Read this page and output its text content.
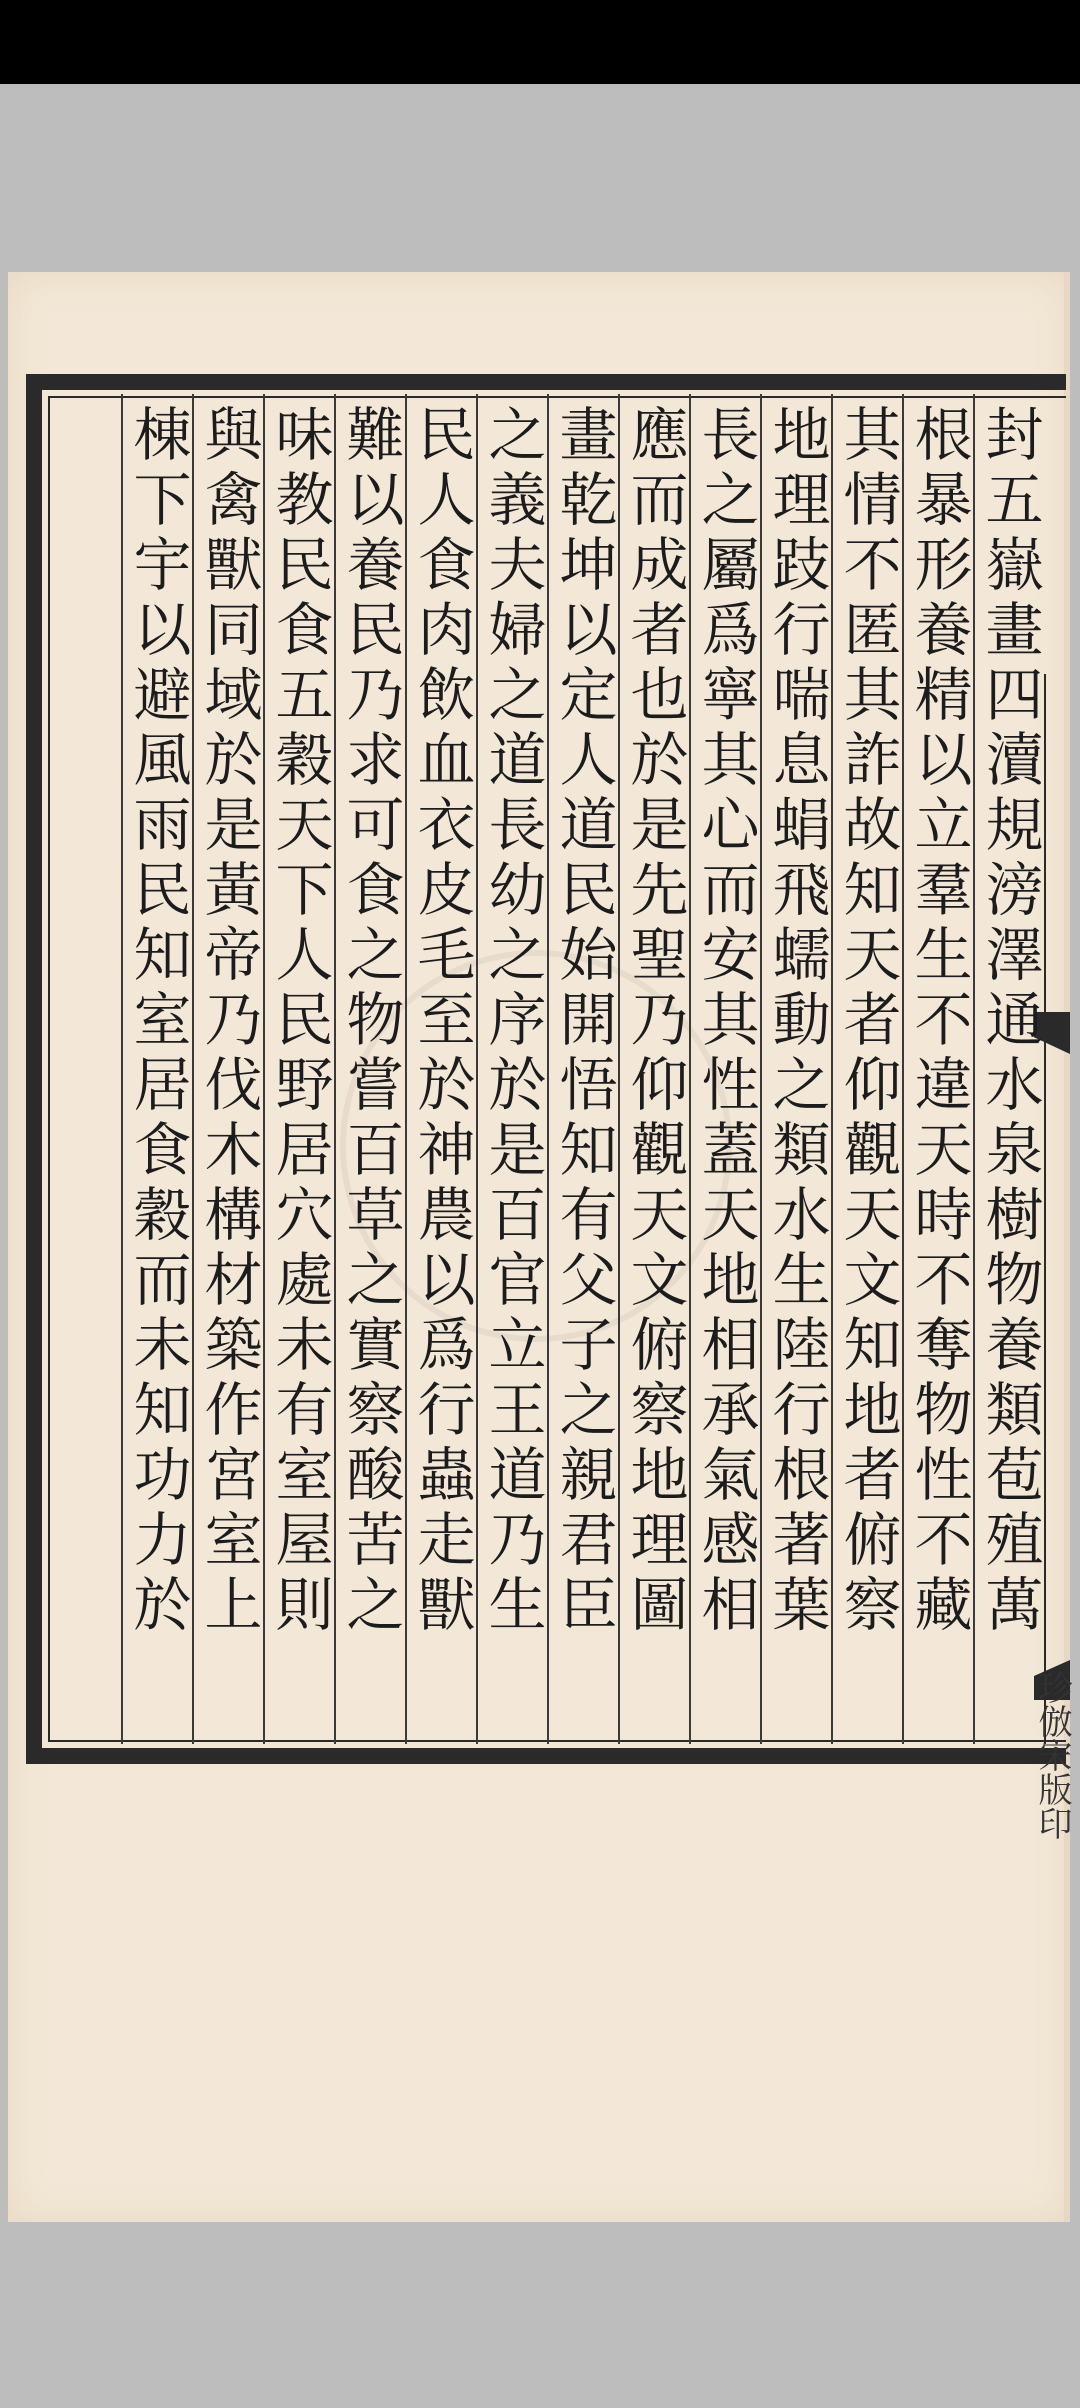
封五嶽畫四瀆規滂澤通水泉樹物養類苞殖萬
根暴形養精以立羣生不違天時不奪物性不藏
其情不匿其詐故知天者仰觀天文知地者俯察
地理跂行喘息蜎飛蠕動之類水生陸行根著葉
長之屬爲寧其心而安其性蓋天地相承氣感相
應而成者也於是先聖乃仰觀天文俯察地理圖
畫乾坤以定人道民始開悟知有父子之親君臣
之義夫婦之道長幼之序於是百官立王道乃生
民人食肉飲血衣皮毛至於神農以爲行蟲走獸
難以養民乃求可食之物嘗百草之實察酸苦之
味教民食五穀天下人民野居穴處未有室屋則
與禽獸同域於是黃帝乃伐木構材築作宮室上
棟下宇以避風雨民知室居食穀而未知功力於
珍倣宋版印
